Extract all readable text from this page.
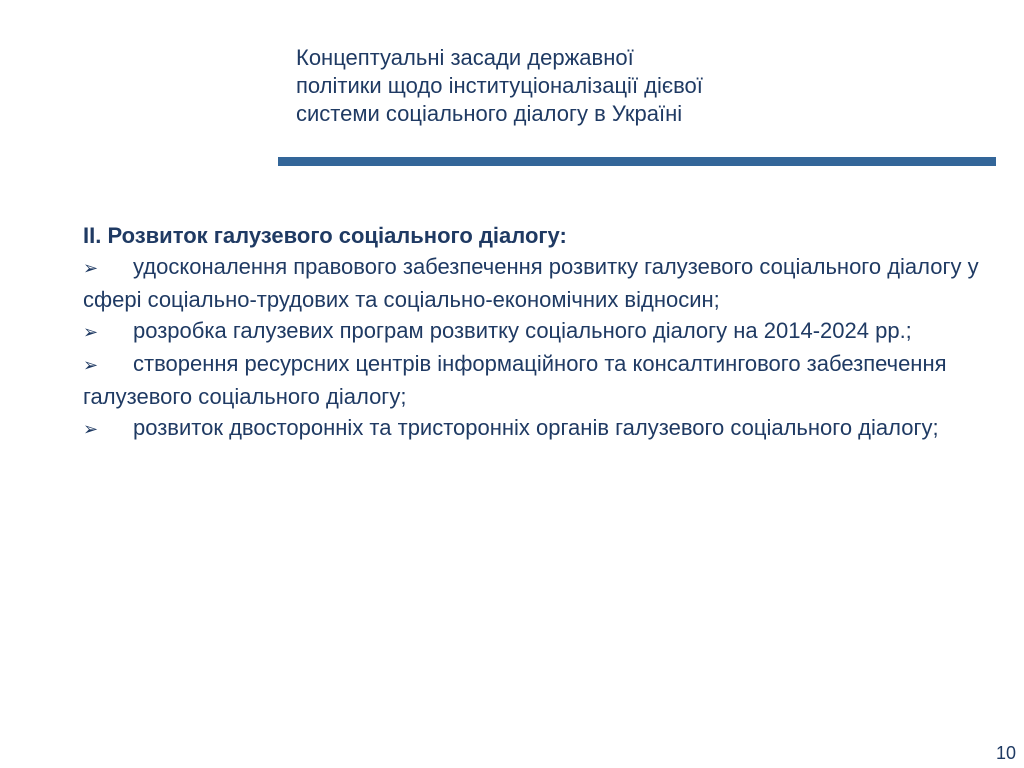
Концептуальні засади державної
політики щодо інституціоналізації дієвої
системи соціального діалогу в Україні

ІІ. Розвиток галузевого соціального діалогу:

➢ удосконалення правового забезпечення розвитку галузевого соціального діалогу у сфері соціально-трудових та соціально-економічних відносин;

➢ розробка галузевих програм розвитку соціального діалогу на 2014-2024 рр.;

➢ створення ресурсних центрів інформаційного та консалтингового забезпечення галузевого соціального діалогу;

➢ розвиток двосторонніх та тристоронніх органів галузевого соціального діалогу;

10
